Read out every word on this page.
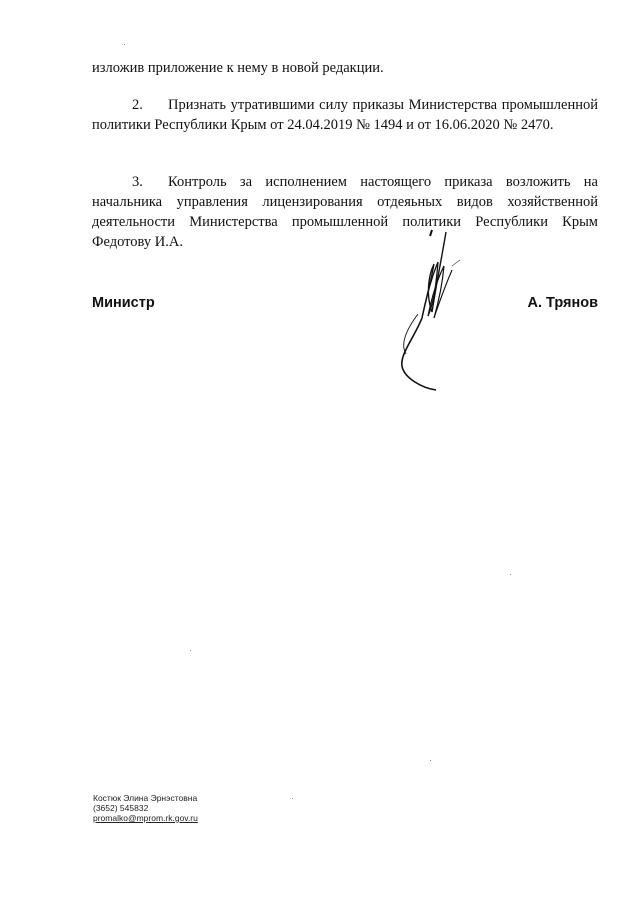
изложив приложение к нему в новой редакции.

2. Признать утратившими силу приказы Министерства промышленной политики Республики Крым от 24.04.2019 № 1494 и от 16.06.2020 № 2470.

3. Контроль за исполнением настоящего приказа возложить на начальника управления лицензирования отдеяьных видов хозяйственной деятельности Министерства промышленной политики Республики Крым Федотову И.А.

Министр	А. Трянов
Костюк Элина Эрнэстовна
(3652) 545832
promalko@mprom.rk.gov.ru
